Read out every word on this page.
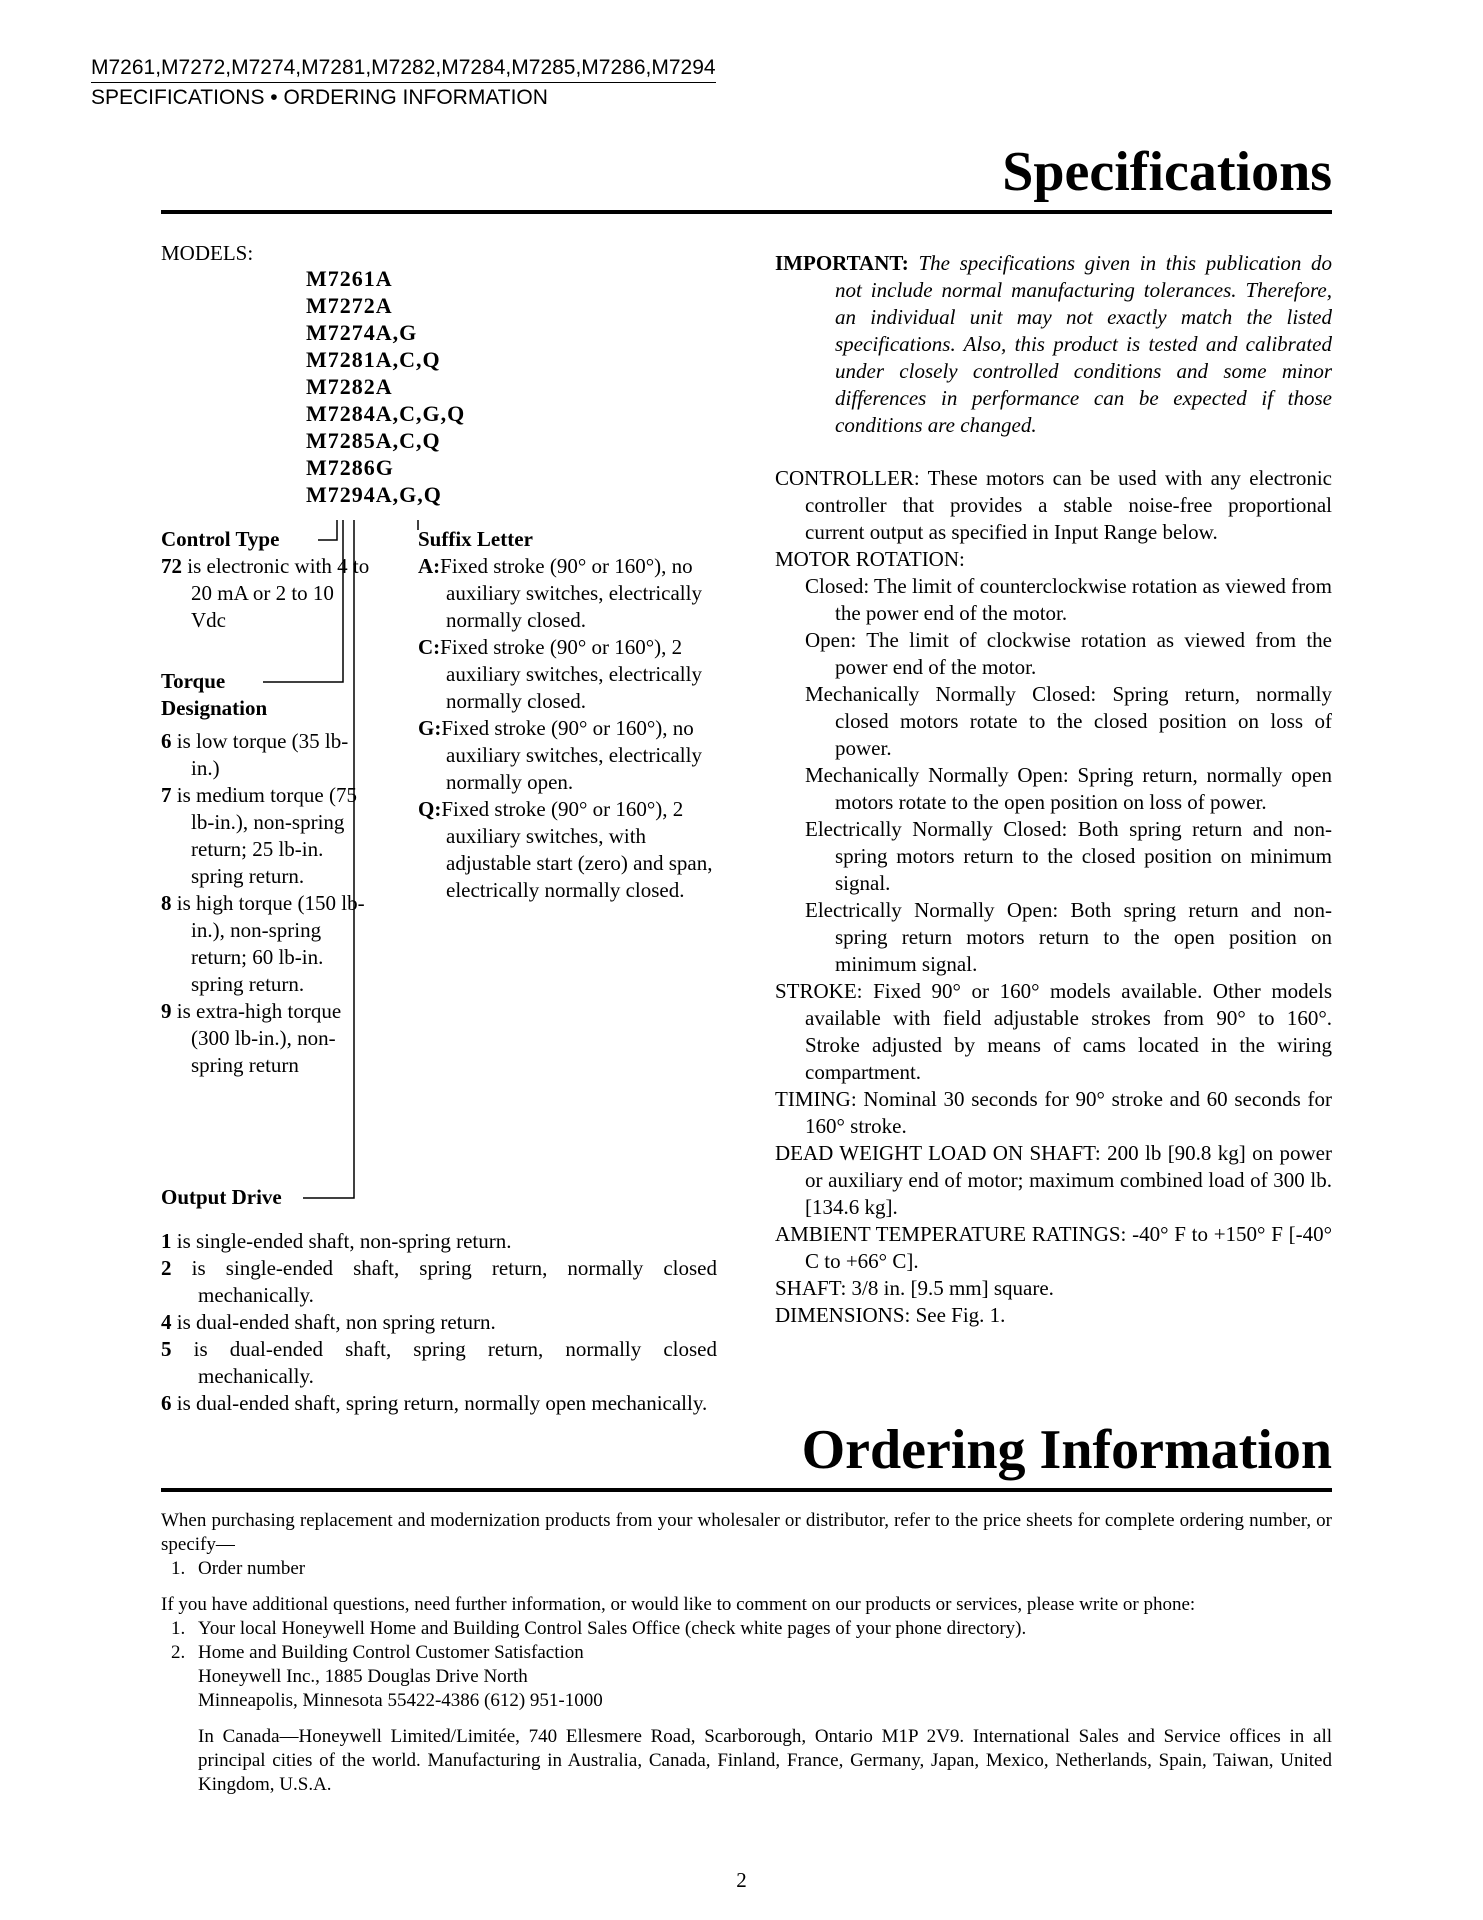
M7261,M7272,M7274,M7281,M7282,M7284,M7285,M7286,M7294
SPECIFICATIONS • ORDERING INFORMATION
Specifications
MODELS:
M7261A
M7272A
M7274A,G
M7281A,C,Q
M7282A
M7284A,C,G,Q
M7285A,C,Q
M7286G
M7294A,G,Q
Control Type

72 is electronic with 4 to 20 mA or 2 to 10 Vdc

Torque
Designation

6 is low torque (35 lb-in.)

7 is medium torque (75 lb-in.), non-spring return; 25 lb-in. spring return.

8 is high torque (150 lb-in.), non-spring return; 60 lb-in. spring return.

9 is extra-high torque (300 lb-in.), non-spring return

Output Drive
Suffix Letter

A:Fixed stroke (90° or 160°), no auxiliary switches, electrically normally closed.

C:Fixed stroke (90° or 160°), 2 auxiliary switches, electrically normally closed.

G:Fixed stroke (90° or 160°), no auxiliary switches, electrically normally open.

Q:Fixed stroke (90° or 160°), 2 auxiliary switches, with adjustable start (zero) and span, electrically normally closed.

1 is single-ended shaft, non-spring return.

2 is single-ended shaft, spring return, normally closed mechanically.

4 is dual-ended shaft, non spring return.

5 is dual-ended shaft, spring return, normally closed mechanically.

6 is dual-ended shaft, spring return, normally open mechanically.

IMPORTANT: The specifications given in this publication do not include normal manufacturing tolerances. Therefore, an individual unit may not exactly match the listed specifications. Also, this product is tested and calibrated under closely controlled conditions and some minor differences in performance can be expected if those conditions are changed.

CONTROLLER: These motors can be used with any electronic controller that provides a stable noise-free proportional current output as specified in Input Range below.

MOTOR ROTATION:

Closed: The limit of counterclockwise rotation as viewed from the power end of the motor.

Open: The limit of clockwise rotation as viewed from the power end of the motor.

Mechanically Normally Closed: Spring return, normally closed motors rotate to the closed position on loss of power.

Mechanically Normally Open: Spring return, normally open motors rotate to the open position on loss of power.

Electrically Normally Closed: Both spring return and non-spring motors return to the closed position on minimum signal.

Electrically Normally Open: Both spring return and non-spring return motors return to the open position on minimum signal.

STROKE: Fixed 90° or 160° models available. Other models available with field adjustable strokes from 90° to 160°. Stroke adjusted by means of cams located in the wiring compartment.

TIMING: Nominal 30 seconds for 90° stroke and 60 seconds for 160° stroke.

DEAD WEIGHT LOAD ON SHAFT: 200 lb [90.8 kg] on power or auxiliary end of motor; maximum combined load of 300 lb. [134.6 kg].

AMBIENT TEMPERATURE RATINGS: -40° F to +150° F [-40° C to +66° C].

SHAFT: 3/8 in. [9.5 mm] square.

DIMENSIONS: See Fig. 1.

Ordering Information

When purchasing replacement and modernization products from your wholesaler or distributor, refer to the price sheets for complete ordering number, or specify—

1. Order number

If you have additional questions, need further information, or would like to comment on our products or services, please write or phone:

1. Your local Honeywell Home and Building Control Sales Office (check white pages of your phone directory).
2. Home and Building Control Customer Satisfaction
Honeywell Inc., 1885 Douglas Drive North
Minneapolis, Minnesota 55422-4386 (612) 951-1000

In Canada—Honeywell Limited/Limitée, 740 Ellesmere Road, Scarborough, Ontario M1P 2V9. International Sales and Service offices in all principal cities of the world. Manufacturing in Australia, Canada, Finland, France, Germany, Japan, Mexico, Netherlands, Spain, Taiwan, United Kingdom, U.S.A.

2
